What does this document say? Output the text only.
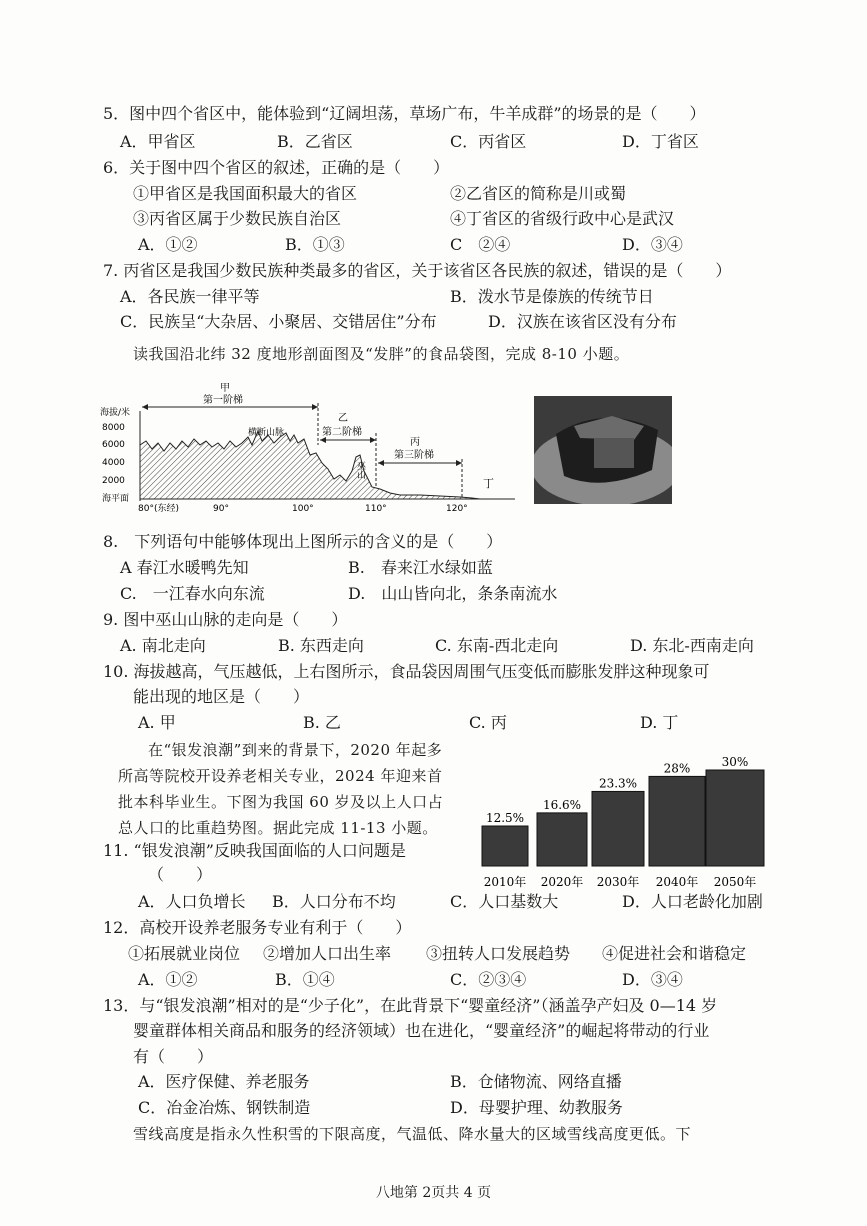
5．图中四个省区中，能体验到“辽阔坦荡，草场广布，牛羊成群”的场景的是（　　）
A．甲省区	B．乙省区	C．丙省区	D．丁省区
6．关于图中四个省区的叙述，正确的是（　　）
①甲省区是我国面积最大的省区	②乙省区的简称是川或蜀
③丙省区属于少数民族自治区	④丁省区的省级行政中心是武汉
A．①②	B．①③	C　②④	D．③④
7. 丙省区是我国少数民族种类最多的省区，关于该省区各民族的叙述，错误的是（　　）
A．各民族一律平等	B．泼水节是傣族的传统节日
C．民族呈“大杂居、小聚居、交错居住”分布	D．汉族在该省区没有分布
读我国沿北纬 32 度地形剖面图及“发胖”的食品袋图，完成 8-10 小题。
海拔/米
8000
6000
4000
2000
海平面
甲
第一阶梯
乙
第二阶梯
丙
第三阶梯
丁
横断山脉
巫山
80°(东经)	90°	100°	110°	120°
8.　下列语句中能够体现出上图所示的含义的是（　　）
A 春江水暖鸭先知	B.　春来江水绿如蓝
C.　一江春水向东流	D.　山山皆向北，条条南流水
9. 图中巫山山脉的走向是（　　）
A. 南北走向	B. 东西走向	C. 东南-西北走向	D. 东北-西南走向
10. 海拔越高，气压越低，上右图所示，食品袋因周围气压变低而膨胀发胖这种现象可
能出现的地区是（　　）
A. 甲	B. 乙	C. 丙	D. 丁
在“银发浪潮”到来的背景下，2020 年起多
所高等院校开设养老相关专业，2024 年迎来首
批本科毕业生。下图为我国 60 岁及以上人口占
总人口的比重趋势图。据此完成 11-13 小题。
12.5%
2010年
16.6%
2020年
23.3%
2030年
28%
2040年
30%
2050年
11. “银发浪潮”反映我国面临的人口问题是
（　　）
A．人口负增长 B．人口分布不均	C．人口基数大	D．人口老龄化加剧
12．高校开设养老服务专业有利于（　　）
①拓展就业岗位 ②增加人口出生率 ③扭转人口发展趋势 ④促进社会和谐稳定
A．①②	B．①④	C．②③④	D．③④
13．与“银发浪潮”相对的是“少子化”，在此背景下“婴童经济”（涵盖孕产妇及 0—14 岁
婴童群体相关商品和服务的经济领域）也在进化，“婴童经济”的崛起将带动的行业
有（　　）
A．医疗保健、养老服务	B．仓储物流、网络直播
C．冶金冶炼、钢铁制造	D．母婴护理、幼教服务
雪线高度是指永久性积雪的下限高度，气温低、降水量大的区域雪线高度更低。下
八地第 2页共 4 页
